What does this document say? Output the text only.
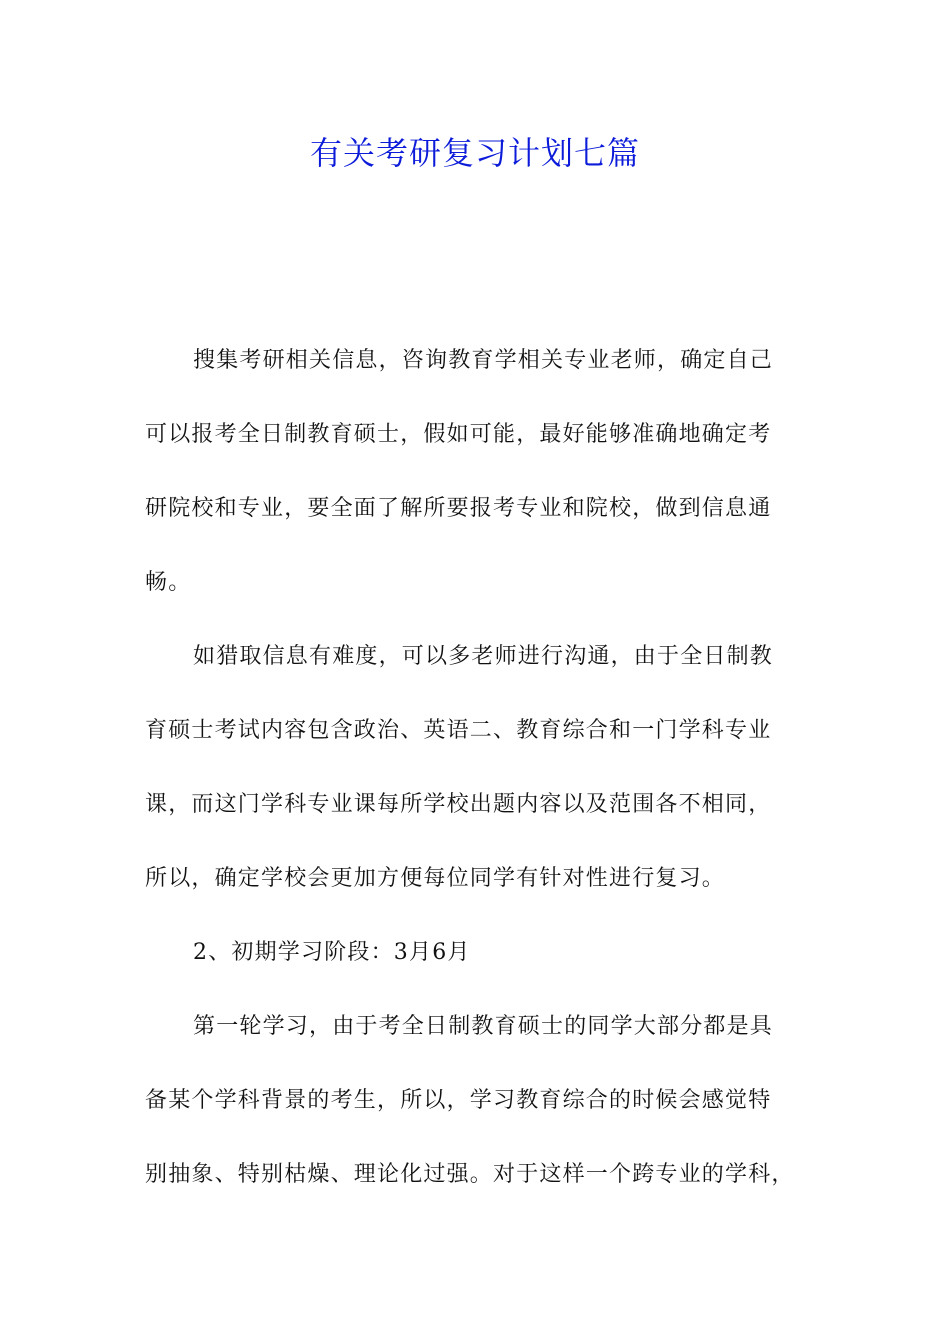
有关考研复习计划七篇
搜集考研相关信息，咨询教育学相关专业老师，确定自己
可以报考全日制教育硕士，假如可能，最好能够准确地确定考
研院校和专业，要全面了解所要报考专业和院校，做到信息通
畅。
如猎取信息有难度，可以多老师进行沟通，由于全日制教
育硕士考试内容包含政治、英语二、教育综合和一门学科专业
课，而这门学科专业课每所学校出题内容以及范围各不相同，
所以，确定学校会更加方便每位同学有针对性进行复习。
2、初期学习阶段：3月6月
第一轮学习，由于考全日制教育硕士的同学大部分都是具
备某个学科背景的考生，所以，学习教育综合的时候会感觉特
别抽象、特别枯燥、理论化过强。对于这样一个跨专业的学科，
